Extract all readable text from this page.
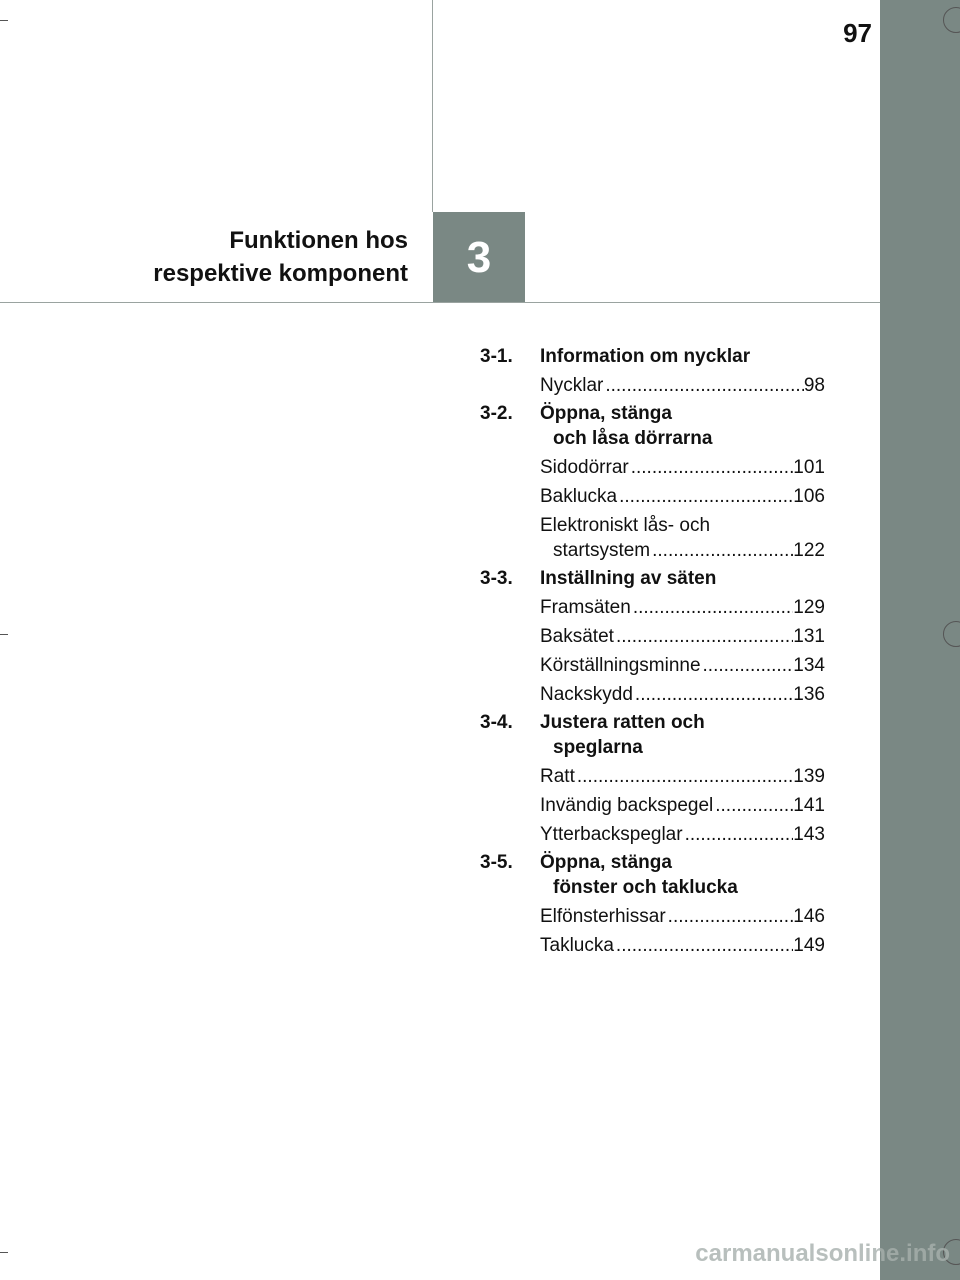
97
Funktionen hos
respektive komponent	3
3-1.	Information om nycklar
Nycklar .....	98
3-2.	Öppna, stänga
och låsa dörrarna
Sidodörrar .....	101
Baklucka .....	106
Elektroniskt lås- och
startsystem .....	122
3-3.	Inställning av säten
Framsäten .....	129
Baksätet .....	131
Körställningsminne .....	134
Nackskydd .....	136
3-4.	Justera ratten och
speglarna
Ratt .....	139
Invändig backspegel .....	141
Ytterbackspeglar .....	143
3-5.	Öppna, stänga
fönster och taklucka
Elfönsterhissar .....	146
Taklucka .....	149
carmanualsonline.info
